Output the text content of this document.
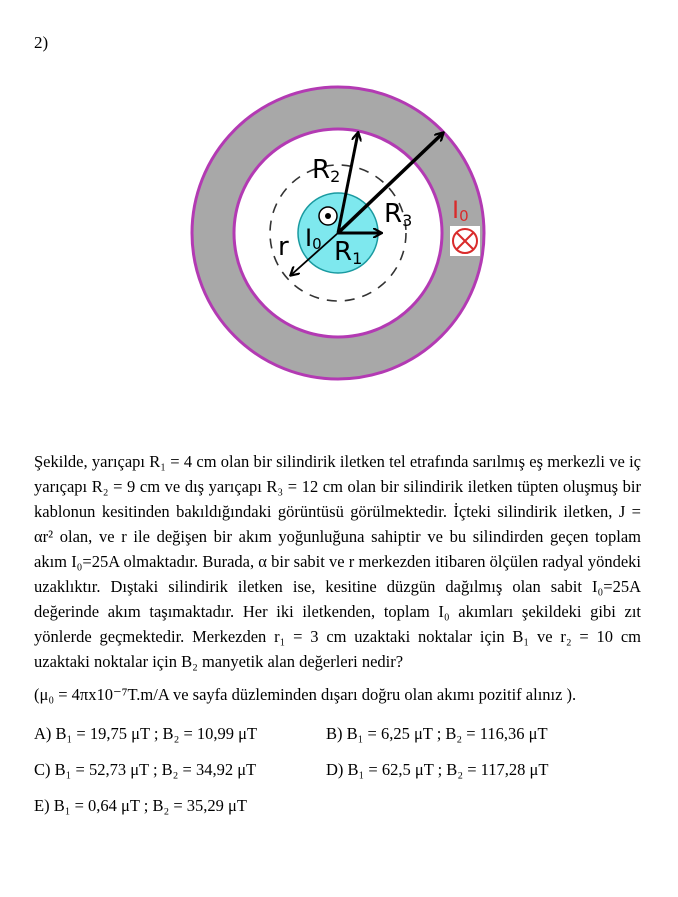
2)
R2
R3
R1
r I0
I0

Şekilde, yarıçapı R₁ = 4 cm olan bir silindirik iletken tel etrafında sarılmış eş merkezli ve iç yarıçapı R₂ = 9 cm ve dış yarıçapı R₃ = 12 cm olan bir silindirik iletken tüpten oluşmuş bir kablonun kesitinden bakıldığındaki görüntüsü görülmektedir. İçteki silindirik iletken, J = αr² olan, ve r ile değişen bir akım yoğunluğuna sahiptir ve bu silindirden geçen toplam akım I₀=25A olmaktadır. Burada, α bir sabit ve r merkezden itibaren ölçülen radyal yöndeki uzaklıktır. Dıştaki silindirik iletken ise, kesitine düzgün dağılmış olan sabit I₀=25A değerinde akım taşımaktadır. Her iki iletkenden, toplam I₀ akımları şekildeki gibi zıt yönlerde geçmektedir. Merkezden r₁ = 3 cm uzaktaki noktalar için B₁ ve r₂ = 10 cm uzaktaki noktalar için B₂ manyetik alan değerleri nedir?

(μ₀ = 4πx10⁻⁷T.m/A ve sayfa düzleminden dışarı doğru olan akımı pozitif alınız ).

A) B₁ = 19,75 μT ; B₂ = 10,99 μT	B) B₁ = 6,25 μT ; B₂ = 116,36 μT
C) B₁ = 52,73 μT ; B₂ = 34,92 μT	D) B₁ = 62,5 μT ; B₂ = 117,28 μT
E) B₁ = 0,64 μT ; B₂ = 35,29 μT
